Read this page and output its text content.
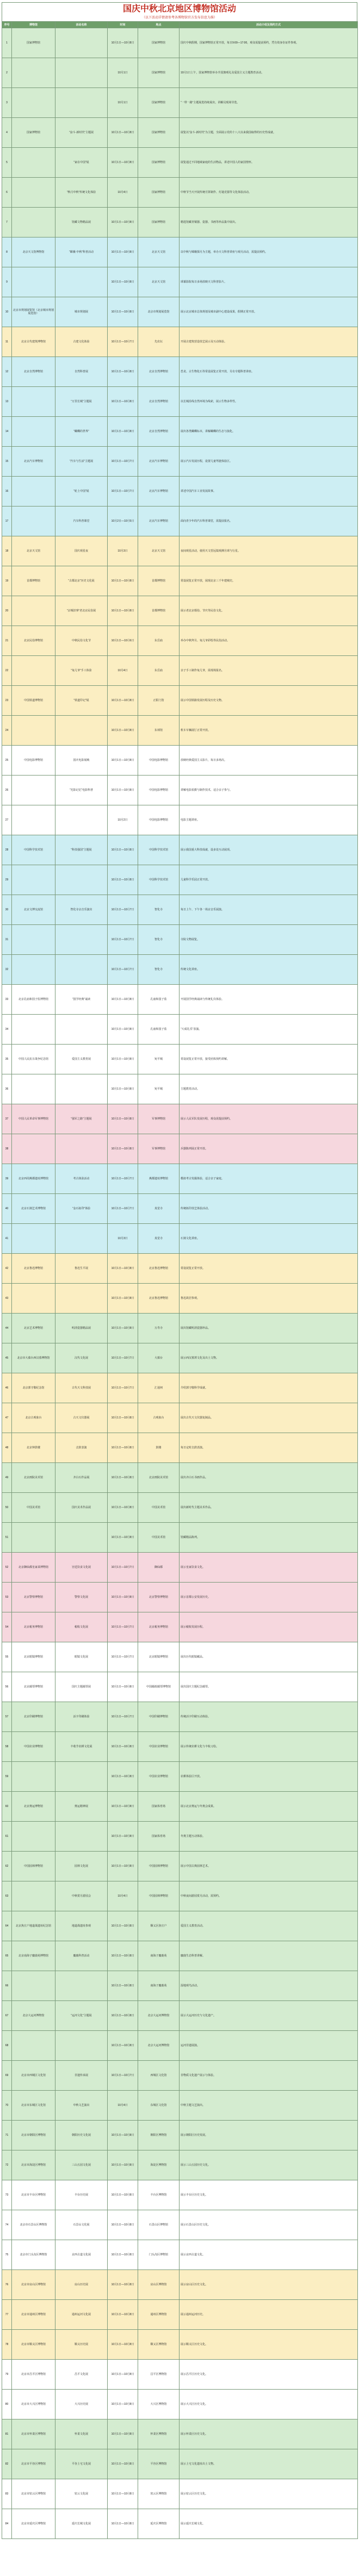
国庆中秋北京地区博物馆活动
（以下活动详情请参考各博物馆官方发布信息为准）
序号	博物馆	活动名称	时间	地点	活动介绍及预约方式
1	国家博物馆		10月1日—10月8日	国家博物馆	国庆中秋假期，国家博物馆正常开放，每日9:00—17:00，观众需提前预约，凭有效身份证件参观。
2			10月1日	国家博物馆	10月1日上午，国家博物馆举办升国旗观礼及爱国主义主题教育活动。
3			10月1日	国家博物馆	“一带一路”主题展览持续展出，讲解员现场导览。
4	国家博物馆	“奋斗·新时代”主题展	10月1日—10月8日	国家博物馆	展览以“奋斗·新时代”为主题，全面展示党的十八大以来我国取得的历史性成就。
5		“家在中国”展	10月1日—10月8日	国家博物馆	展览通过不同地域家庭的生活物品，讲述中国人的家国情怀。
6		“秋月中秋”传统文化体验	10月4日	国家博物馆	中秋节当天开展传统月饼制作、灯谜竞猜等文化体验活动。
7		馆藏文物精品展	10月1日—10月8日	国家博物馆	精选馆藏青铜器、瓷器、书画等珍品集中展出。
8	北京天文馆博物馆	“嫦娥·中秋”科普活动	10月1日—10月8日	北京天文馆	以中秋与嫦娥探月为主题，举办天文科普讲座与观月活动，需提前预约。
9			10月1日—10月8日	北京天文馆	球幕影院每日多场放映天文科普影片。
10	北京市规划展览馆（北京城市规划展览馆）	城市规划展	10月1日—10月8日	北京市规划展览馆	展示北京城市总体规划及城市副中心建设成果，假期正常开放。
11	北京古代建筑博物馆	古建文化体验	10月1日—10月7日	先农坛	开展古建筑营造技艺展示及互动体验。
12	北京自然博物馆	自然科普展	10月1日—10月8日	北京自然博物馆	恐龙、古生物化石等常设展览正常开放，另有专题科普讲座。
13		“万里长城”主题展	10月1日—10月8日	北京自然博物馆	以长城沿线自然环境为线索，展示生物多样性。
14		“蝴蝶的世界”	10月1日—10月8日	北京自然博物馆	展出各类蝴蝶标本，讲解蝴蝶的生态与演化。
15	北京汽车博物馆	“汽车与生活”主题展	10月1日—10月7日	北京汽车博物馆	展示汽车发展历程，设置儿童驾驶体验区。
16		“轮上中国”展	10月1日—10月7日	北京汽车博物馆	讲述中国汽车工业发展故事。
17		汽车科普课堂	10月2日—10月5日	北京汽车博物馆	面向青少年的汽车科普课堂，需提前报名。
18	北京天文馆	国庆观星夜	10月3日	北京天文馆	夜间观星活动，使用天文望远镜观测月球与行星。
19	首都博物馆	“古都北京”历史文化展	10月1日—10月8日	首都博物馆	常设展览正常开放，展现北京三千年建城史。
20		“京城旧事”老北京民俗展	10月1日—10月8日	首都博物馆	展示老北京婚俗、节庆等民俗文化。
21	北京民俗博物馆	中秋民俗文化节	10月1日—10月6日	东岳庙	举办中秋拜月、兔儿爷彩绘等民俗活动。
22		“兔儿爷”手工体验	10月4日	东岳庙	亲子手工制作兔儿爷，需现场报名。
23	中国铁道博物馆	“铁道印记”展	10月1日—10月8日	正阳门馆	展示中国铁路发展历程及历史文物。
24			10月1日—10月8日	东郊馆	机车车辆展厅正常开放。
25	中国电影博物馆	国庆电影展映	10月1日—10月8日	中国电影博物馆	放映经典爱国主义影片，每日多场次。
26		“光影记忆”电影科普	10月1日—10月8日	中国电影博物馆	讲解电影拍摄与制作技术，适合亲子参与。
27			10月2日	中国电影博物馆	电影主题讲座。
28	中国科学技术馆	“科技强国”主题展	10月1日—10月8日	中国科学技术馆	展示我国重大科技成就，设多处互动展项。
29			10月1日—10月8日	中国科学技术馆	儿童科学乐园正常开放。
30	北京文博交流馆	智化寺京音乐演出	10月1日—10月7日	智化寺	每日上午、下午各一场京音乐展演。
31			10月1日—10月7日	智化寺	寺院文物展览。
32			10月1日—10月7日	智化寺	传统文化讲座。
33	北京孔庙和国子监博物馆	“国学经典”诵读	10月1日—10月8日	孔庙和国子监	开展国学经典诵读与传统礼仪体验。
34			10月1日—10月8日	孔庙和国子监	“大成礼乐”表演。
35	中国人民抗日战争纪念馆	爱国主义教育展	10月1日—10月8日	宛平城	常设展览正常开放，接受团体预约讲解。
36			10月1日—10月8日	宛平城	主题教育活动。
37	中国人民革命军事博物馆	“强军之路”主题展	10月1日—10月8日	军事博物馆	展示人民军队发展历程，观众需提前预约。
38			10月1日—10月8日	军事博物馆	兵器陈列展正常开放。
39	北京西周燕都遗址博物馆	考古体验活动	10月1日—10月7日	燕都遗址博物馆	模拟考古发掘体验，适合亲子家庭。
40	北京石刻艺术博物馆	“金石拓印”体验	10月1日—10月7日	真觉寺	传统拓印技艺体验活动。
41			10月3日	真觉寺	石刻文化讲座。
42	北京鲁迅博物馆	鲁迅生平展	10月1日—10月8日	北京鲁迅博物馆	常设展览正常开放。
43			10月1日—10月8日	北京鲁迅博物馆	鲁迅故居参观。
44	北京艺术博物馆	明清瓷器精品展	10月1日—10月8日	万寿寺	展出馆藏明清瓷器珍品。
45	北京市大葆台西汉墓博物馆	汉代文化展	10月1日—10月7日	大葆台	展示西汉墓葬文化及出土文物。
46	北京郭守敬纪念馆	古代天文科技展	10月1日—10月7日	汇通祠	介绍郭守敬科学成就。
47	北京古观象台	古天文仪器展	10月1日—10月8日	古观象台	展出古代天文仪器复制品。
48	北京钟鼓楼	击鼓表演	10月1日—10月8日	鼓楼	每日定时击鼓表演。
49	北京画院美术馆	齐白石作品展	10月1日—10月8日	北京画院美术馆	展出齐白石书画作品。
50	中国美术馆	国庆美术作品展	10月1日—10月8日	中国美术馆	展出新时代主题美术作品。
51			10月1日—10月8日	中国美术馆	馆藏精品陈列。
52	北京御仙都皇家菜博物馆	宫廷饮食文化展	10月1日—10月7日	御仙都	展示皇家饮食文化。
53	北京警察博物馆	警察文化展	10月1日—10月8日	北京警察博物馆	展示首都公安发展历史。
54	北京税务博物馆	税收文化展	10月1日—10月7日	北京税务博物馆	展示税收发展历程。
55	北京眼镜博物馆	眼镜文化展	10月1日—10月7日	北京眼镜博物馆	展出历代眼镜藏品。
56	北京邮票博物馆	国庆主题邮票展	10月1日—10月8日	中国邮政邮票博物馆	展出国庆主题纪念邮票。
57	北京印刷博物馆	活字印刷体验	10月1日—10月7日	中国印刷博物馆	传统活字印刷互动体验。
58	中国农业博物馆	丰收节农耕文化展	10月1日—10月8日	中国农业博物馆	展示传统农耕文化与丰收习俗。
59			10月1日—10月8日	中国农业博物馆	农耕体验区开放。
60	北京奥运博物馆	奥运精神展	10月1日—10月8日	国家体育场	展示北京奥运与冬奥会成果。
61			10月1日—10月8日	国家体育场	冬奥主题互动体验。
62	中国园林博物馆	园林文化展	10月1日—10月8日	中国园林博物馆	展示中国古典园林艺术。
63		中秋赏月游园会	10月4日	中国园林博物馆	中秋夜间游园赏月活动，需预约。
64	北京焦庄户地道战遗址纪念馆	地道战遗址参观	10月1日—10月8日	顺义区焦庄户	爱国主义教育活动。
65	北京南海子麋鹿苑博物馆	麋鹿科普活动	10月1日—10月8日	南海子麋鹿苑	麋鹿生态科普讲解。
66			10月1日—10月8日	南海子麋鹿苑	湿地观鸟活动。
67	北京大运河博物馆	“运河文化”主题展	10月1日—10月8日	北京大运河博物馆	展示大运河历史与文化遗产。
68			10月1日—10月8日	北京大运河博物馆	运河非遗展演。
69	北京市西城区文化馆	非遗传承展	10月1日—10月7日	西城区文化馆	非物质文化遗产展示与体验。
70	北京市东城区文化馆	中秋文艺演出	10月4日	东城区文化馆	中秋主题文艺演出。
71	北京市朝阳区博物馆	朝阳历史文化展	10月1日—10月8日	朝阳区博物馆	展示朝阳区历史发展。
72	北京市海淀区博物馆	三山五园文化展	10月1日—10月8日	海淀区博物馆	展示三山五园历史文化。
73	北京市丰台区博物馆	丰台历史展	10月1日—10月8日	丰台区博物馆	展示丰台区历史文化。
74	北京市石景山区博物馆	石景山文化展	10月1日—10月8日	石景山区博物馆	展示石景山区历史文化。
75	北京市门头沟区博物馆	京西古道文化展	10月1日—10月8日	门头沟区博物馆	展示京西古道文化。
76	北京市房山区博物馆	房山历史展	10月1日—10月8日	房山区博物馆	展示房山区历史文化。
77	北京市通州区博物馆	通州运河文化展	10月1日—10月8日	通州区博物馆	展示通州运河历史。
78	北京市顺义区博物馆	顺义历史展	10月1日—10月8日	顺义区博物馆	展示顺义区历史文化。
79	北京市昌平区博物馆	昌平文化展	10月1日—10月8日	昌平区博物馆	展示昌平区历史文化。
80	北京市大兴区博物馆	大兴历史展	10月1日—10月8日	大兴区博物馆	展示大兴区历史文化。
81	北京市怀柔区博物馆	怀柔文化展	10月1日—10月8日	怀柔区博物馆	展示怀柔区历史文化。
82	北京市平谷区博物馆	平谷上宅文化展	10月1日—10月8日	平谷区博物馆	展示上宅文化遗址出土文物。
83	北京市密云区博物馆	密云文化展	10月1日—10月8日	密云区博物馆	展示密云区历史文化。
84	北京市延庆区博物馆	延庆长城文化展	10月1日—10月8日	延庆区博物馆	展示延庆长城文化。
